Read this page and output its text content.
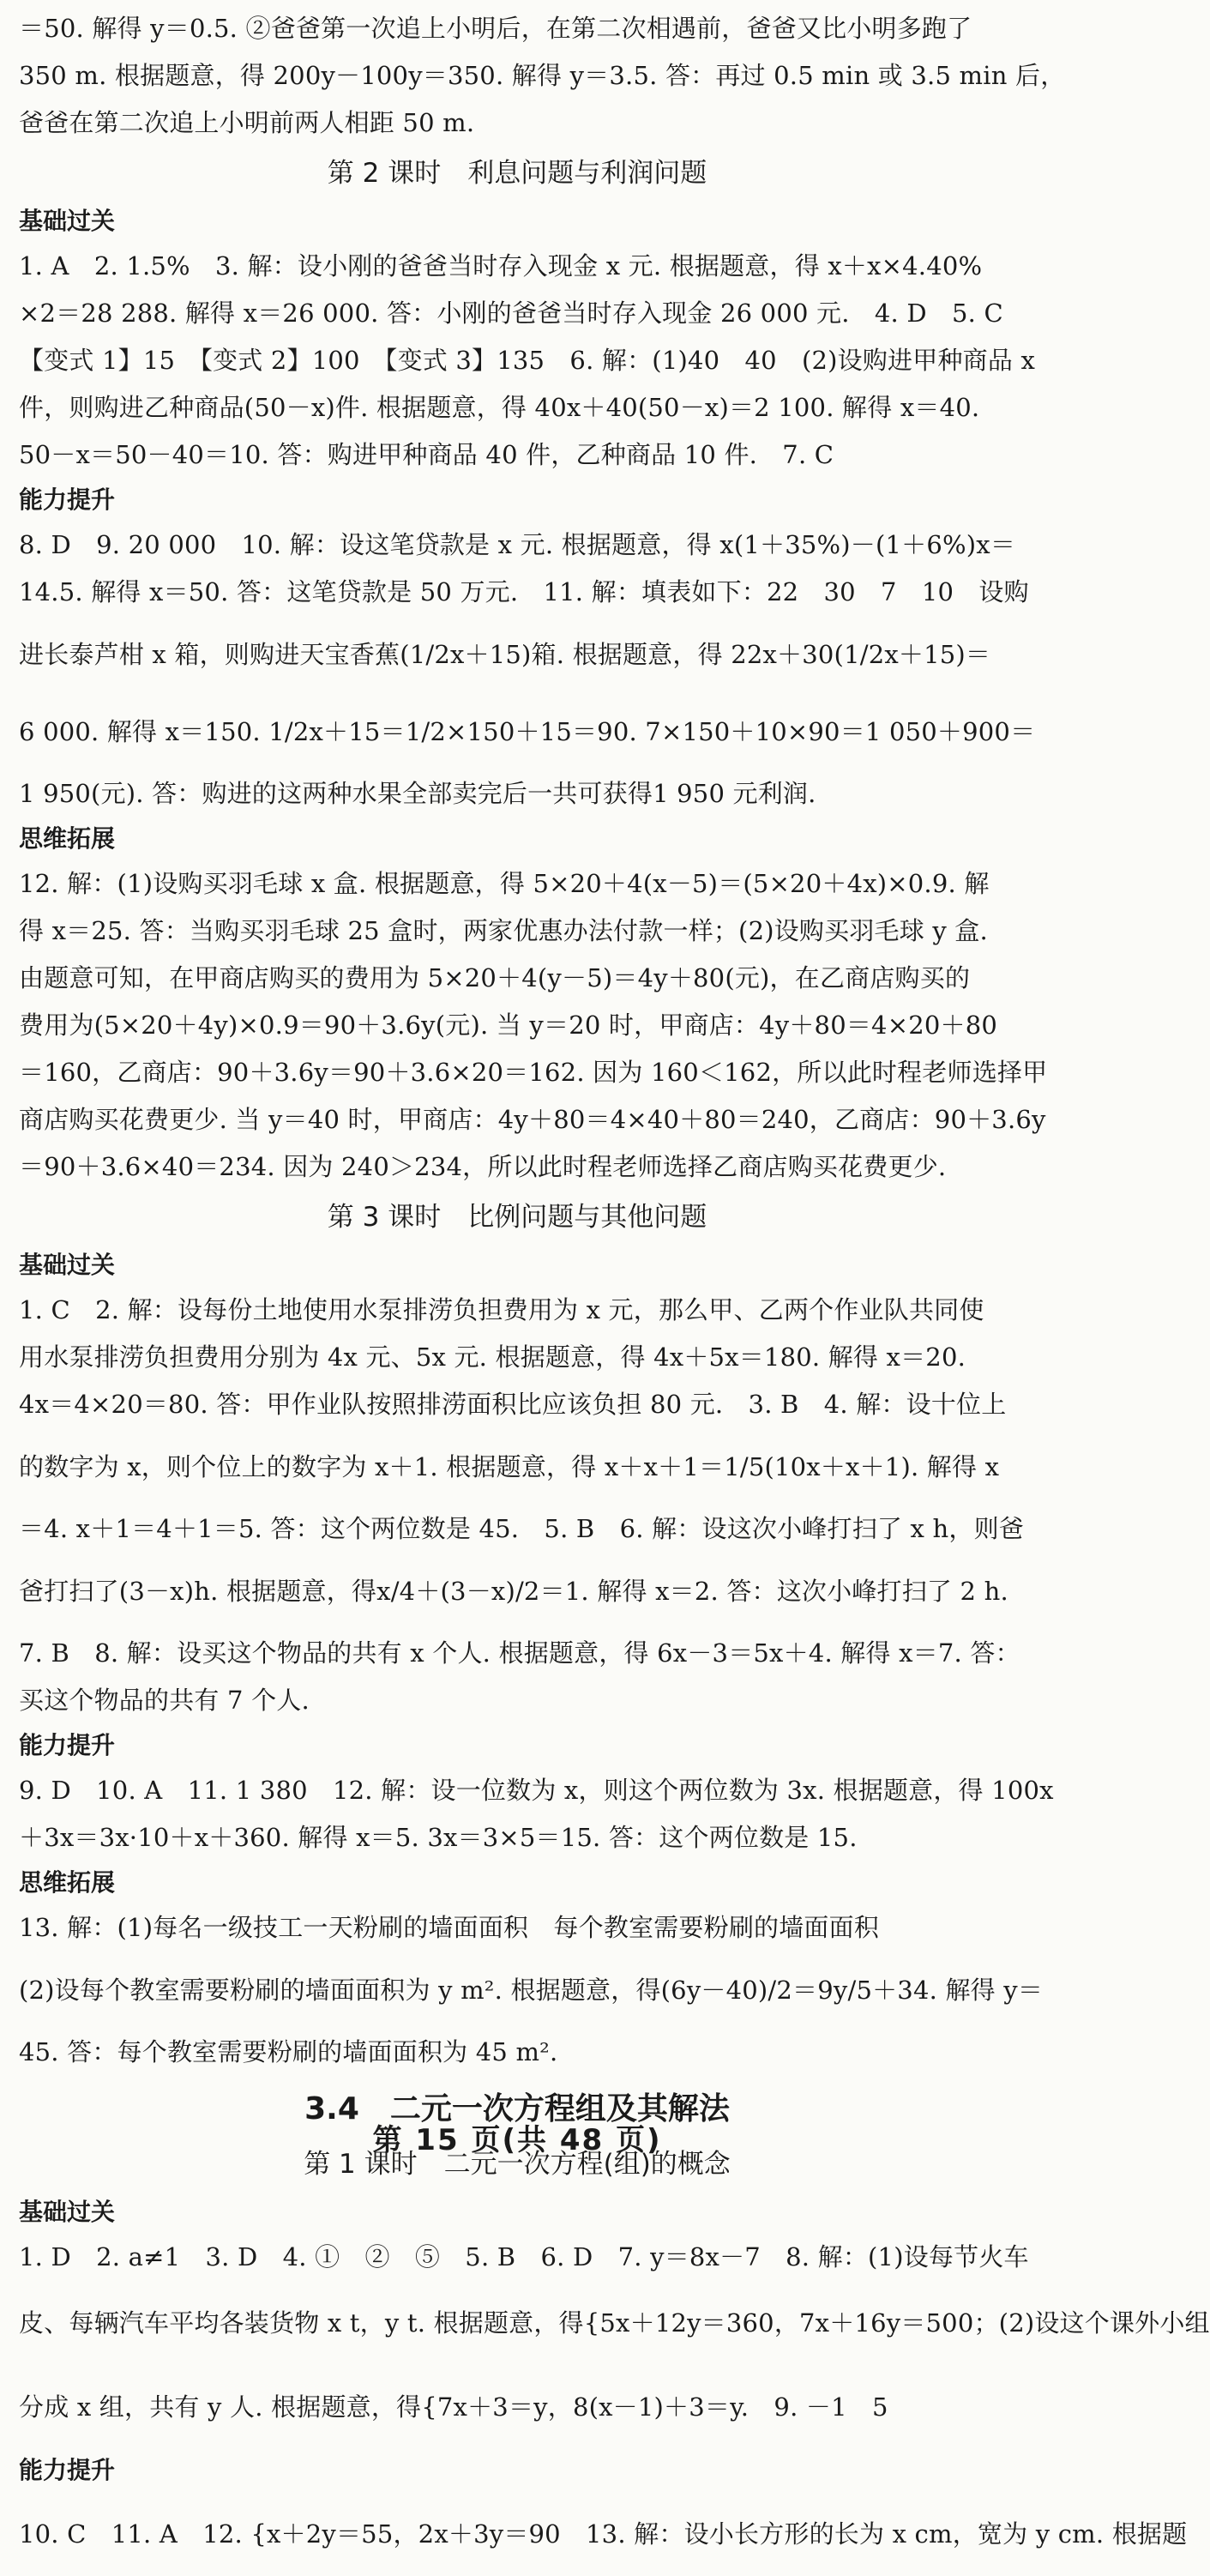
＝50. 解得 y＝0.5. ②爸爸第一次追上小明后，在第二次相遇前，爸爸又比小明多跑了
350 m. 根据题意，得 200y－100y＝350. 解得 y＝3.5. 答：再过 0.5 min 或 3.5 min 后，
爸爸在第二次追上小明前两人相距 50 m.
第 2 课时　利息问题与利润问题
基础过关
1. A　2. 1.5%　3. 解：设小刚的爸爸当时存入现金 x 元. 根据题意，得 x＋x×4.40%
×2＝28 288. 解得 x＝26 000. 答：小刚的爸爸当时存入现金 26 000 元.　4. D　5. C
【变式 1】15　【变式 2】100　【变式 3】135　6. 解：(1)40　40　(2)设购进甲种商品 x
件，则购进乙种商品(50－x)件. 根据题意，得 40x＋40(50－x)＝2 100. 解得 x＝40.
50－x＝50－40＝10. 答：购进甲种商品 40 件，乙种商品 10 件.　7. C
能力提升
8. D　9. 20 000　10. 解：设这笔贷款是 x 元. 根据题意，得 x(1＋35%)－(1＋6%)x＝
14.5. 解得 x＝50. 答：这笔贷款是 50 万元.　11. 解：填表如下：22　30　7　10　设购
进长泰芦柑 x 箱，则购进天宝香蕉(1/2x＋15)箱. 根据题意，得 22x＋30(1/2x＋15)＝
6 000. 解得 x＝150. 1/2x＋15＝1/2×150＋15＝90. 7×150＋10×90＝1 050＋900＝
1 950(元). 答：购进的这两种水果全部卖完后一共可获得1 950 元利润.
思维拓展
12. 解：(1)设购买羽毛球 x 盒. 根据题意，得 5×20＋4(x－5)＝(5×20＋4x)×0.9. 解
得 x＝25. 答：当购买羽毛球 25 盒时，两家优惠办法付款一样；(2)设购买羽毛球 y 盒.
由题意可知，在甲商店购买的费用为 5×20＋4(y－5)＝4y＋80(元)，在乙商店购买的
费用为(5×20＋4y)×0.9＝90＋3.6y(元). 当 y＝20 时，甲商店：4y＋80＝4×20＋80
＝160，乙商店：90＋3.6y＝90＋3.6×20＝162. 因为 160＜162，所以此时程老师选择甲
商店购买花费更少. 当 y＝40 时，甲商店：4y＋80＝4×40＋80＝240，乙商店：90＋3.6y
＝90＋3.6×40＝234. 因为 240＞234，所以此时程老师选择乙商店购买花费更少.
第 3 课时　比例问题与其他问题
基础过关
1. C　2. 解：设每份土地使用水泵排涝负担费用为 x 元，那么甲、乙两个作业队共同使
用水泵排涝负担费用分别为 4x 元、5x 元. 根据题意，得 4x＋5x＝180. 解得 x＝20.
4x＝4×20＝80. 答：甲作业队按照排涝面积比应该负担 80 元.　3. B　4. 解：设十位上
的数字为 x，则个位上的数字为 x＋1. 根据题意，得 x＋x＋1＝1/5(10x＋x＋1). 解得 x
＝4. x＋1＝4＋1＝5. 答：这个两位数是 45.　5. B　6. 解：设这次小峰打扫了 x h，则爸
爸打扫了(3－x)h. 根据题意，得x/4＋(3－x)/2＝1. 解得 x＝2. 答：这次小峰打扫了 2 h.
7. B　8. 解：设买这个物品的共有 x 个人. 根据题意，得 6x－3＝5x＋4. 解得 x＝7. 答：
买这个物品的共有 7 个人.
能力提升
9. D　10. A　11. 1 380　12. 解：设一位数为 x，则这个两位数为 3x. 根据题意，得 100x
＋3x＝3x·10＋x＋360. 解得 x＝5. 3x＝3×5＝15. 答：这个两位数是 15.
思维拓展
13. 解：(1)每名一级技工一天粉刷的墙面面积　每个教室需要粉刷的墙面面积
(2)设每个教室需要粉刷的墙面面积为 y m². 根据题意，得(6y－40)/2＝9y/5＋34. 解得 y＝
45. 答：每个教室需要粉刷的墙面面积为 45 m².
3.4　二元一次方程组及其解法
第 1 课时　二元一次方程(组)的概念
基础过关
1. D　2. a≠1　3. D　4. ①　②　⑤　5. B　6. D　7. y＝8x－7　8. 解：(1)设每节火车
皮、每辆汽车平均各装货物 x t，y t. 根据题意，得{5x＋12y＝360，7x＋16y＝500；(2)设这个课外小组
分成 x 组，共有 y 人. 根据题意，得{7x＋3＝y，8(x－1)＋3＝y.　9. －1　5
能力提升
10. C　11. A　12. {x＋2y＝55，2x＋3y＝90　13. 解：设小长方形的长为 x cm，宽为 y cm. 根据题
第 15 页(共 48 页)
